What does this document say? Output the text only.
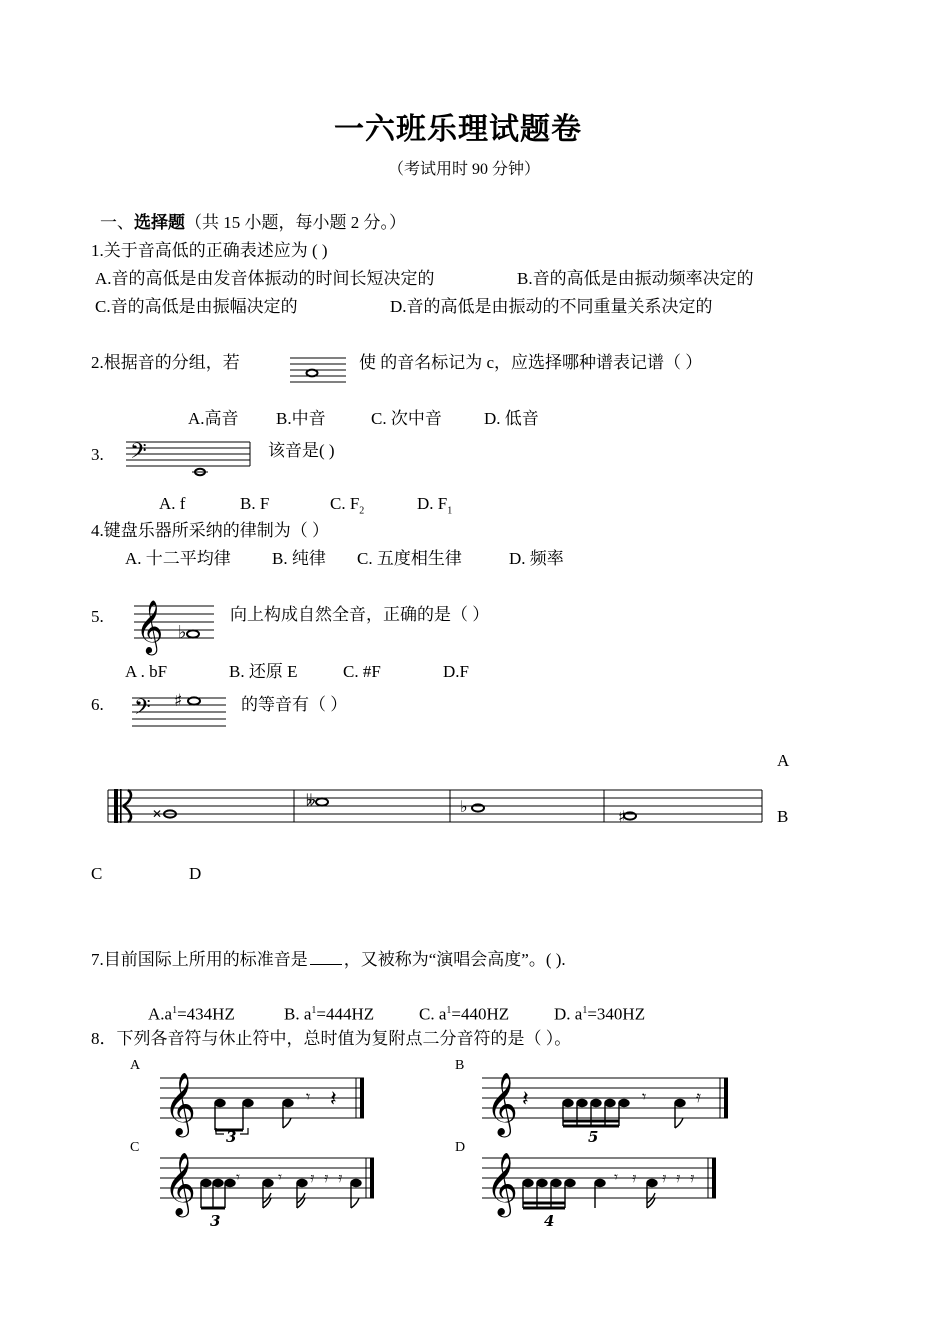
一六班乐理试题卷
（考试用时 90 分钟）
一、选择题（共 15 小题，每小题 2 分。）
1.关于音高低的正确表述应为 ( )
A.音的高低是由发音体振动的时间长短决定的	B.音的高低是由振动频率决定的
C.音的高低是由振幅决定的	D.音的高低是由振动的不同重量关系决定的
2.根据音的分组，若	使 的音名标记为 c，应选择哪种谱表记谱（ ）
A.高音 B.中音	C. 次中音 D. 低音
3. 𝄢	该音是( )
A. f	B. F	C. $F_2$	D. $F_1$
4.键盘乐器所采纳的律制为（ ）
A. 十二平均律 B. 纯律 C. 五度相生律	D. 频率
5. 𝄞 ♭
向上构成自然全音，正确的是（ ）
A . bF	B. 还原 E	C. #F	D.F
6. 𝄢 ♯	的等音有（ ）
A
✕
𝄫	♭
♯	B
C	D
7.目前国际上所用的标准音是 ，又被称为“演唱会高度”。( ).
$A.a^1=434HZ$	B. $a^1=444HZ$	C. $a^1=440HZ$	D. $a^1=340HZ$
8．下列各音符与休止符中，总时值为复附点二分音符的是（ ）。
A
𝄞	𝄾 𝄽
3
B
𝄞 𝄽	𝄾	𝄿
5
C
𝄞	𝄾	𝄾 𝄿 𝄿 𝄿
3
D
𝄞	𝄾 𝄿 𝄿 𝄿 𝄿
4
